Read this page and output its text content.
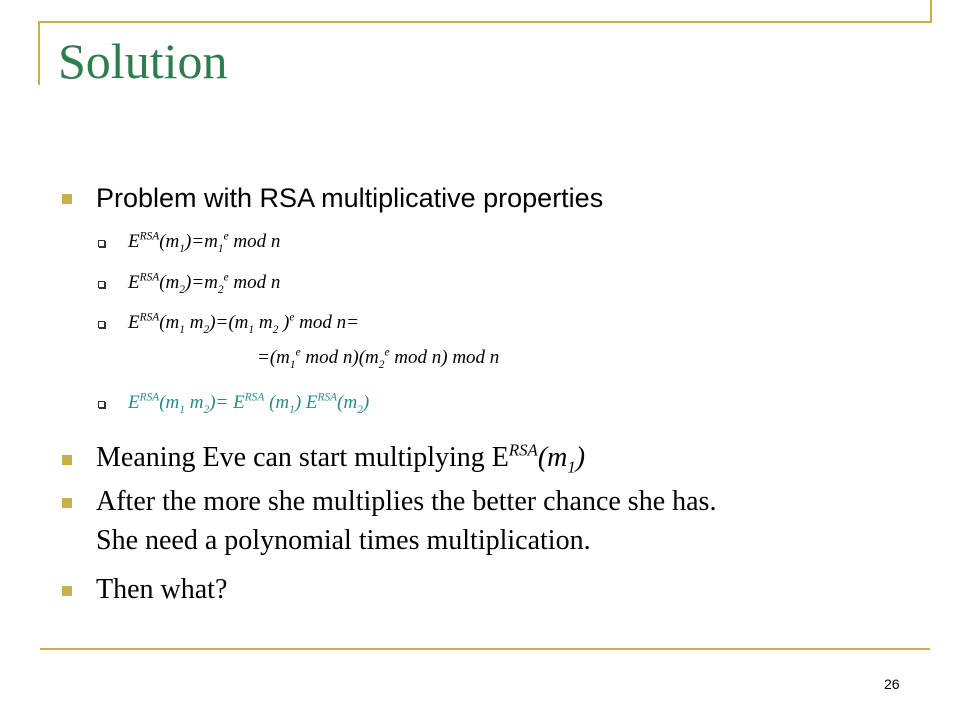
Solution
Problem with RSA multiplicative properties
$E^{RSA}(m_1)=m_1^e$ mod n
$E^{RSA}(m_2)=m_2^e$ mod n
$E^{RSA}(m_1$ $m_2)=(m_1$ $m_2$ )$^e$ mod n=
$=(m_1^e$ mod $n)(m_2^e$ mod n) mod n
$E^{RSA}(m_1$ $m_2)= E^{RSA}$ $(m_1)$ $E^{RSA}(m_2)$
Meaning Eve can start multiplying $E^{RSA}(m_1)$
After the more she multiplies the better chance she has.
She need a polynomial times multiplication.
Then what?
26
